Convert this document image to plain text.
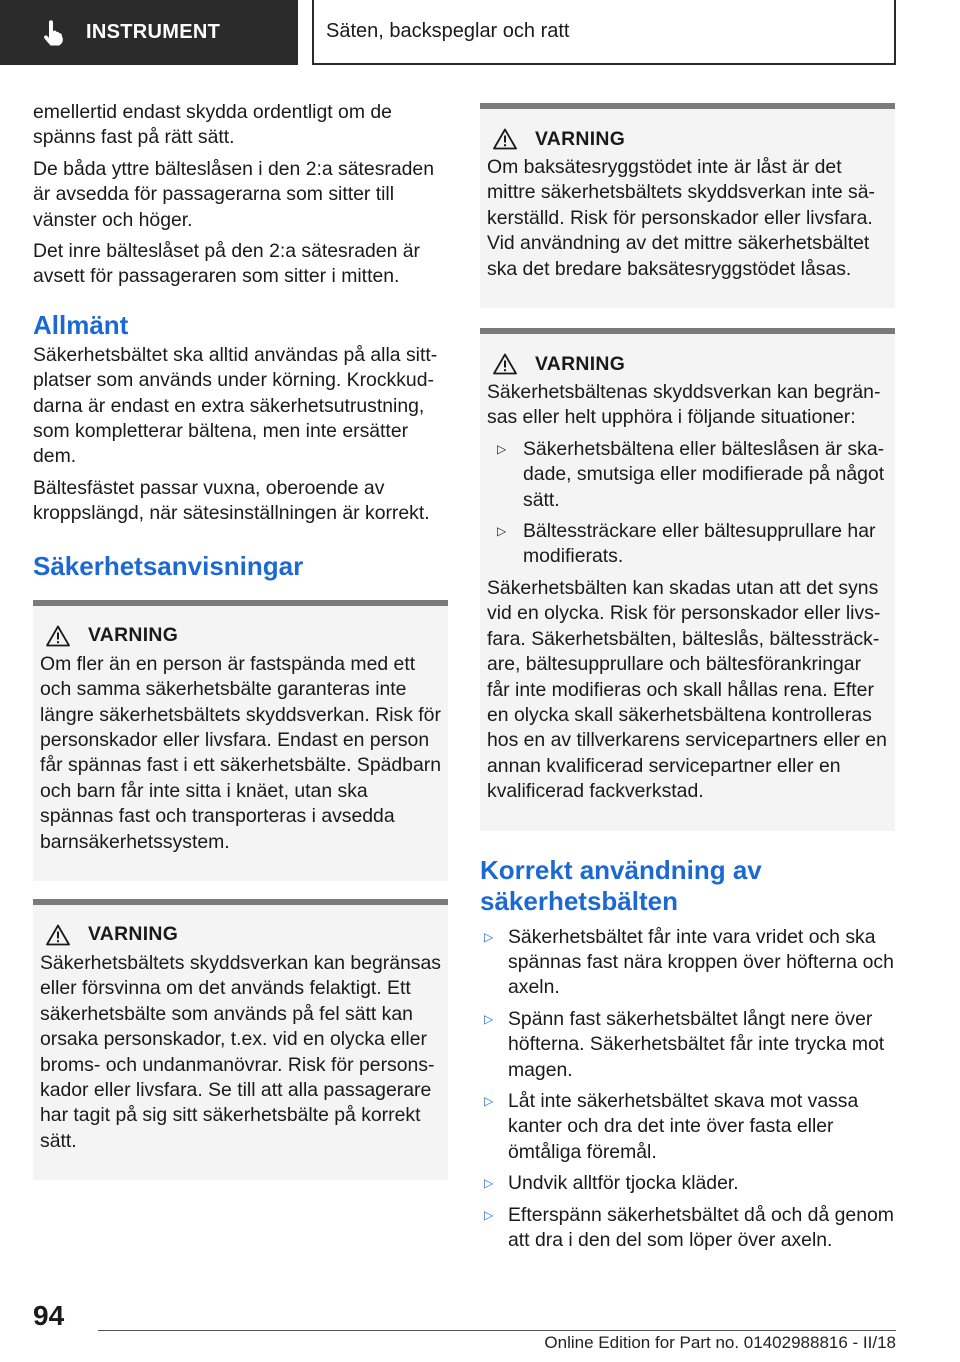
INSTRUMENT	Säten, backspeglar och ratt

emellertid endast skydda ordentligt om de spänns fast på rätt sätt.

De båda yttre bälteslåsen i den 2:a sätesraden är avsedda för passagerarna som sitter till vänster och höger.

Det inre bälteslåset på den 2:a sätesraden är avsett för passageraren som sitter i mitten.

Allmänt

Säkerhetsbältet ska alltid användas på alla sittplatser som används under körning. Krockkuddarna är endast en extra säkerhetsutrustning, som kompletterar bältena, men inte ersätter dem.

Bältesfästet passar vuxna, oberoende av kroppslängd, när sätesinställningen är korrekt.

Säkerhetsanvisningar
VARNING

Om fler än en person är fastspända med ett och samma säkerhetsbälte garanteras inte längre säkerhetsbältets skyddsverkan. Risk för personskador eller livsfara. Endast en person får spännas fast i ett säkerhetsbälte. Spädbarn och barn får inte sitta i knäet, utan ska spännas fast och transporteras i avsedda barnsäkerhetssystem.

VARNING

Säkerhetsbältets skyddsverkan kan begränsas eller försvinna om det används felaktigt. Ett säkerhetsbälte som används på fel sätt kan orsaka personskador, t.ex. vid en olycka eller broms- och undanmanövrar. Risk för personskador eller livsfara. Se till att alla passagerare har tagit på sig sitt säkerhetsbälte på korrekt sätt.

VARNING

Om baksätesryggstödet inte är låst är det mittre säkerhetsbältets skyddsverkan inte säkerställd. Risk för personskador eller livsfara. Vid användning av det mittre säkerhetsbältet ska det bredare baksätesryggstödet låsas.

VARNING

Säkerhetsbältenas skyddsverkan kan begränsas eller helt upphöra i följande situationer:

▷ Säkerhetsbältena eller bälteslåsen är skadade, smutsiga eller modifierade på något sätt.
▷ Bältessträckare eller bältesupprullare har modifierats.

Säkerhetsbälten kan skadas utan att det syns vid en olycka. Risk för personskador eller livsfara. Säkerhetsbälten, bälteslås, bältessträckare, bältesupprullare och bältesförankringar får inte modifieras och skall hållas rena. Efter en olycka skall säkerhetsbältena kontrolleras hos en av tillverkarens servicepartners eller en annan kvalificerad servicepartner eller en kvalificerad fackverkstad.

Korrekt användning av säkerhetsbälten
▷ Säkerhetsbältet får inte vara vridet och ska spännas fast nära kroppen över höfterna och axeln.
▷ Spänn fast säkerhetsbältet långt nere över höfterna. Säkerhetsbältet får inte trycka mot magen.
▷ Låt inte säkerhetsbältet skava mot vassa kanter och dra det inte över fasta eller ömtåliga föremål.
▷ Undvik alltför tjocka kläder.
▷ Efterspänn säkerhetsbältet då och då genom att dra i den del som löper över axeln.
94
Online Edition for Part no. 01402988816 - II/18
